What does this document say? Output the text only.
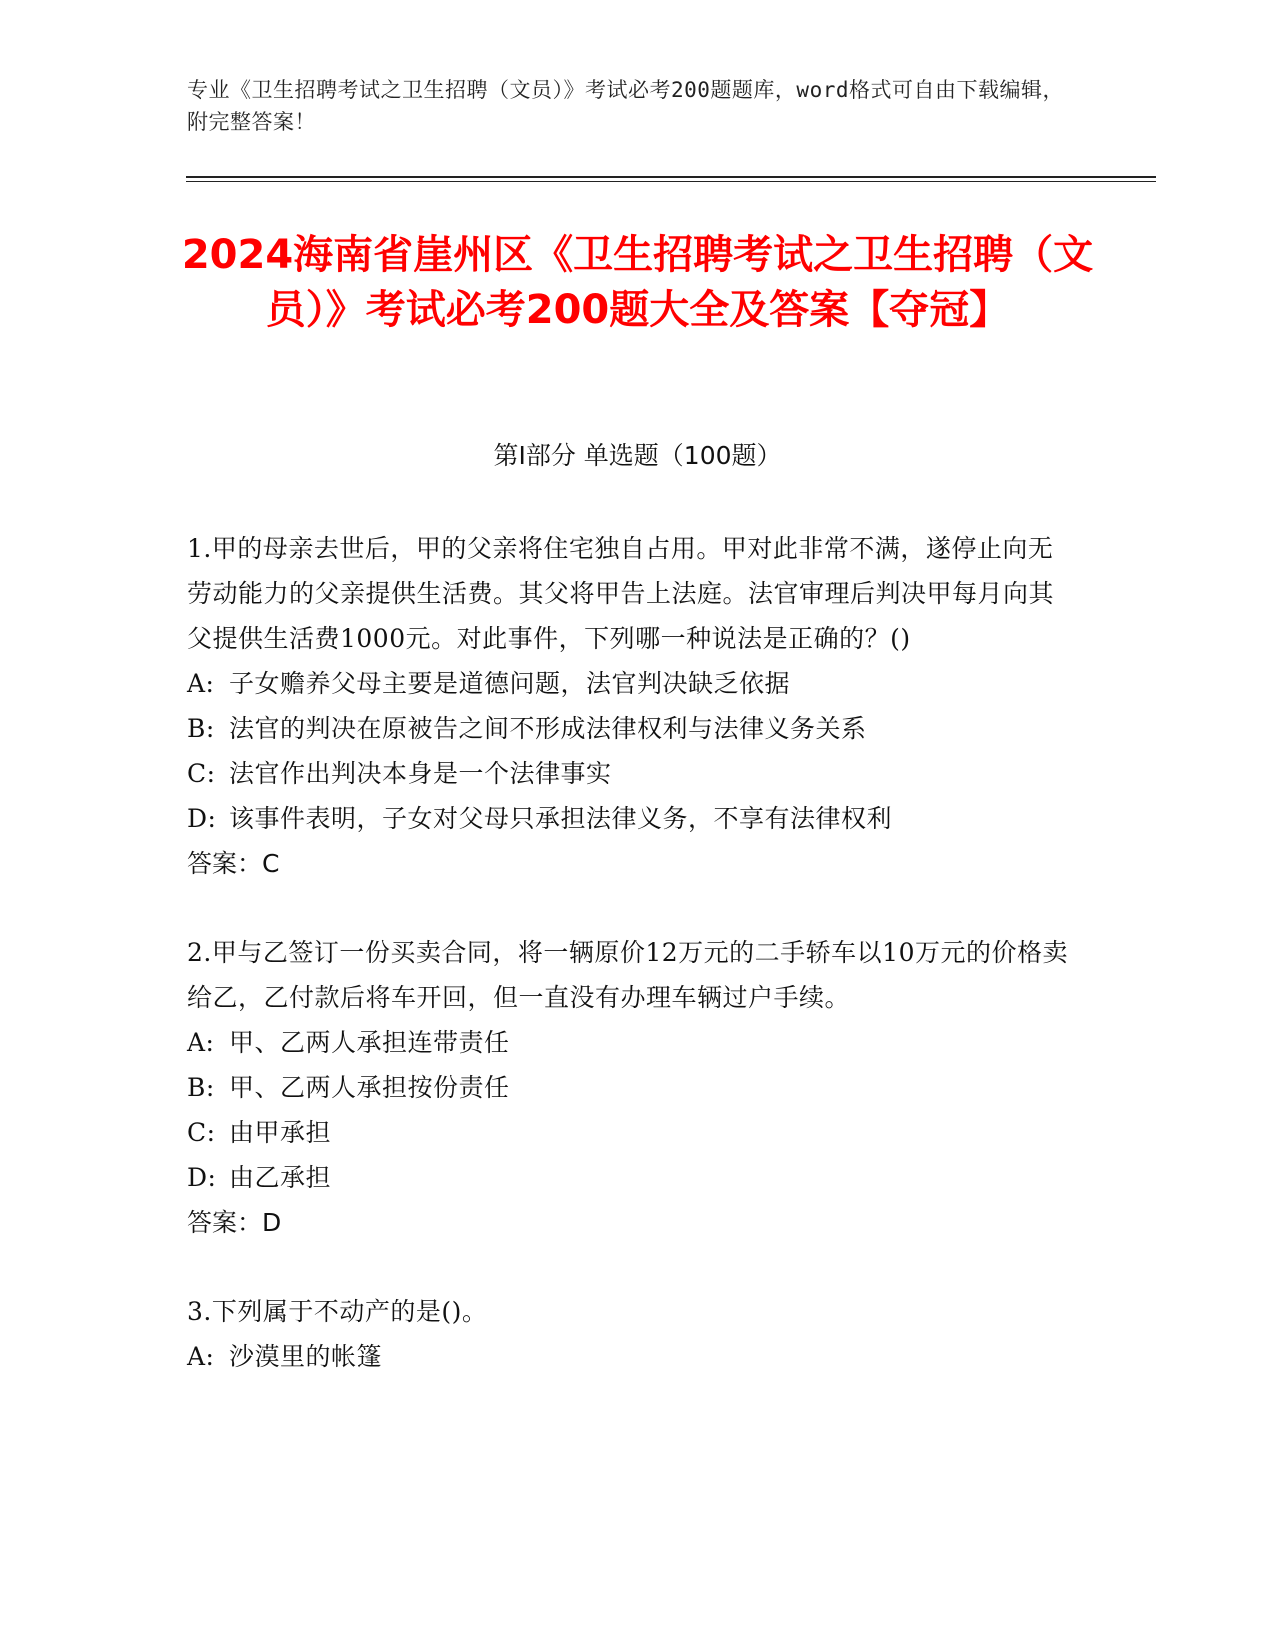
专业《卫生招聘考试之卫生招聘（文员）》考试必考200题题库，word格式可自由下载编辑，附完整答案！
2024海南省崖州区《卫生招聘考试之卫生招聘（文员）》考试必考200题大全及答案【夺冠】
第I部分 单选题（100题）
1.甲的母亲去世后，甲的父亲将住宅独自占用。甲对此非常不满，遂停止向无劳动能力的父亲提供生活费。其父将甲告上法庭。法官审理后判决甲每月向其父提供生活费1000元。对此事件，下列哪一种说法是正确的？()
A: 子女赡养父母主要是道德问题，法官判决缺乏依据
B: 法官的判决在原被告之间不形成法律权利与法律义务关系
C: 法官作出判决本身是一个法律事实
D: 该事件表明，子女对父母只承担法律义务，不享有法律权利
答案：C
2.甲与乙签订一份买卖合同，将一辆原价12万元的二手轿车以10万元的价格卖给乙，乙付款后将车开回，但一直没有办理车辆过户手续。
A: 甲、乙两人承担连带责任
B: 甲、乙两人承担按份责任
C: 由甲承担
D: 由乙承担
答案：D
3.下列属于不动产的是()。
A: 沙漠里的帐篷
